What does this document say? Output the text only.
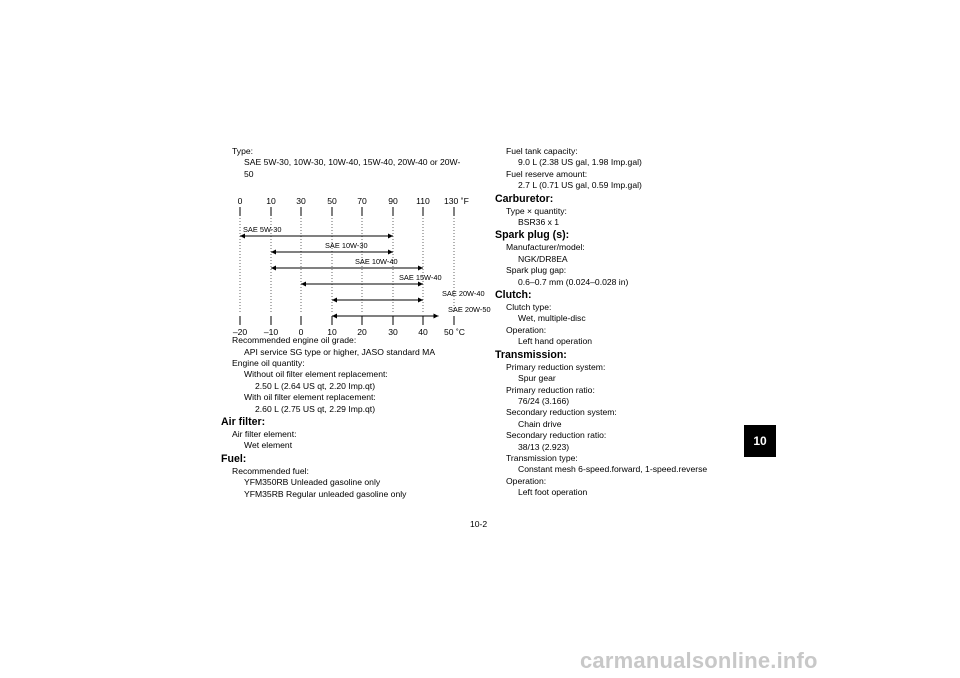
Type:
SAE 5W-30, 10W-30, 10W-40, 15W-40, 20W-40 or 20W-
50
Recommended engine oil grade:
API service SG type or higher, JASO standard MA
Engine oil quantity:
Without oil filter element replacement:
2.50 L (2.64 US qt, 2.20 Imp.qt)
With oil filter element replacement:
2.60 L (2.75 US qt, 2.29 Imp.qt)
Air filter:
Air filter element:
Wet element
Fuel:
Recommended fuel:
YFM350RB Unleaded gasoline only
YFM35RB Regular unleaded gasoline only
0
–20
10
–10
30
0
50
10
70
20
90
30
110
40
130 ˚F
50 ˚C
SAE 5W-30
SAE 10W-30
SAE 10W-40
SAE 15W-40
SAE 20W-40
SAE 20W-50
Fuel tank capacity:
9.0 L (2.38 US gal, 1.98 Imp.gal)
Fuel reserve amount:
2.7 L (0.71 US gal, 0.59 Imp.gal)
Carburetor:
Type × quantity:
BSR36 x 1
Spark plug (s):
Manufacturer/model:
NGK/DR8EA
Spark plug gap:
0.6–0.7 mm (0.024–0.028 in)
Clutch:
Clutch type:
Wet, multiple-disc
Operation:
Left hand operation
Transmission:
Primary reduction system:
Spur gear
Primary reduction ratio:
76/24 (3.166)
Secondary reduction system:
Chain drive
Secondary reduction ratio:
38/13 (2.923)
Transmission type:
Constant mesh 6-speed.forward, 1-speed.reverse
Operation:
Left foot operation
10
10-2
carmanualsonline.info
